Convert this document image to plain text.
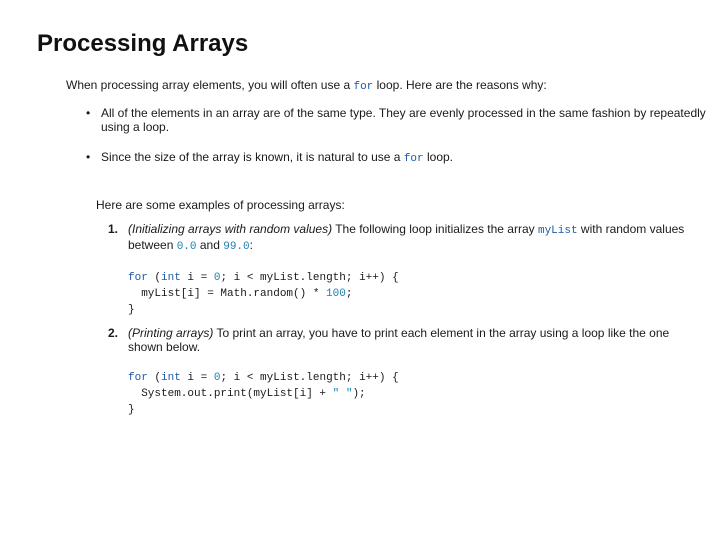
Processing Arrays

When processing array elements, you will often use a for loop. Here are the reasons why:

• All of the elements in an array are of the same type. They are evenly processed in the same fashion by repeatedly using a loop.
• Since the size of the array is known, it is natural to use a for loop.

Here are some examples of processing arrays:

1. (Initializing arrays with random values) The following loop initializes the array myList with random values between 0.0 and 99.0:

for (int i = 0; i < myList.length; i++) {
myList[i] = Math.random() * 100;
}
2. (Printing arrays) To print an array, you have to print each element in the array using a loop like the one shown below.

for (int i = 0; i < myList.length; i++) {
System.out.print(myList[i] + " ");
}
